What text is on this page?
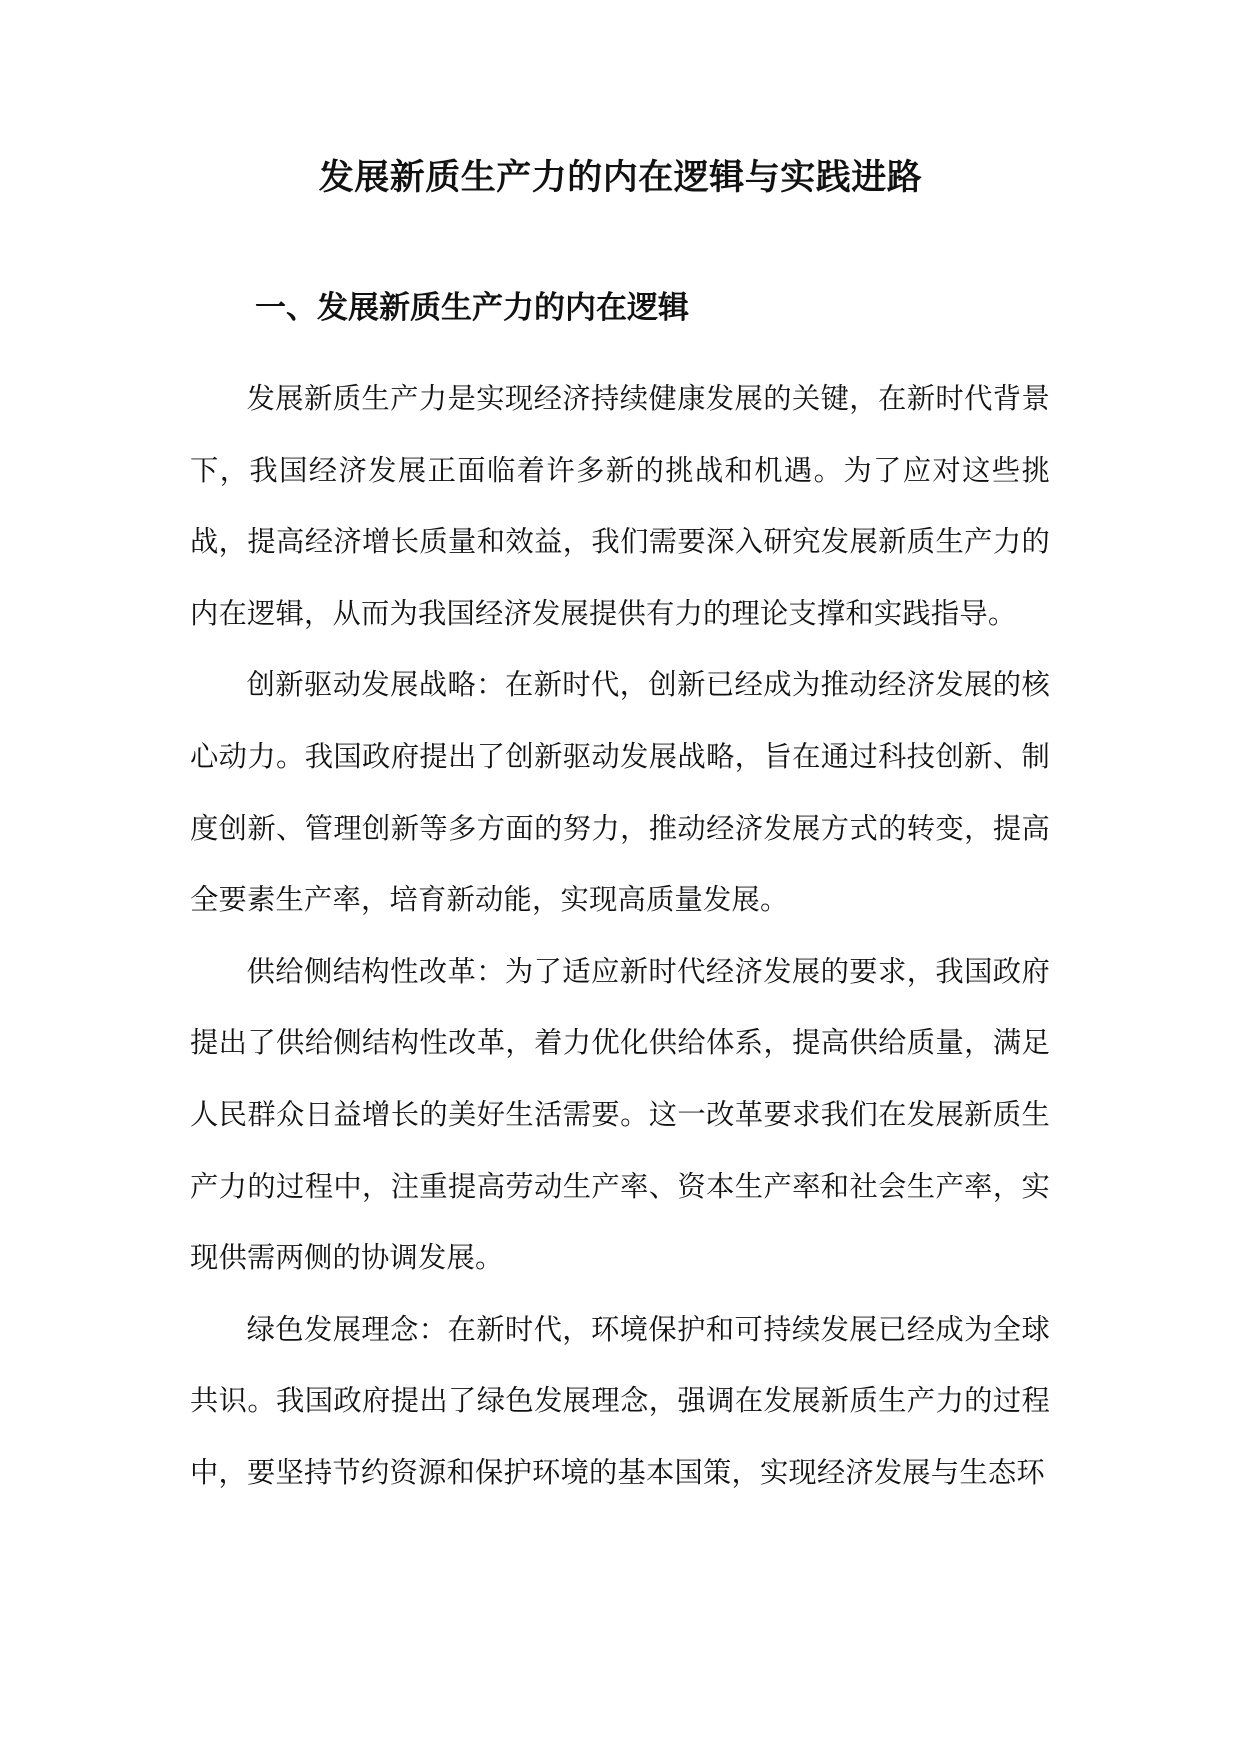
发展新质生产力的内在逻辑与实践进路
一、发展新质生产力的内在逻辑

发展新质生产力是实现经济持续健康发展的关键，在新时代背景下，我国经济发展正面临着许多新的挑战和机遇。为了应对这些挑战，提高经济增长质量和效益，我们需要深入研究发展新质生产力的内在逻辑，从而为我国经济发展提供有力的理论支撑和实践指导。

创新驱动发展战略：在新时代，创新已经成为推动经济发展的核心动力。我国政府提出了创新驱动发展战略，旨在通过科技创新、制度创新、管理创新等多方面的努力，推动经济发展方式的转变，提高全要素生产率，培育新动能，实现高质量发展。

供给侧结构性改革：为了适应新时代经济发展的要求，我国政府提出了供给侧结构性改革，着力优化供给体系，提高供给质量，满足人民群众日益增长的美好生活需要。这一改革要求我们在发展新质生产力的过程中，注重提高劳动生产率、资本生产率和社会生产率，实现供需两侧的协调发展。

绿色发展理念：在新时代，环境保护和可持续发展已经成为全球共识。我国政府提出了绿色发展理念，强调在发展新质生产力的过程中，要坚持节约资源和保护环境的基本国策，实现经济发展与生态环
